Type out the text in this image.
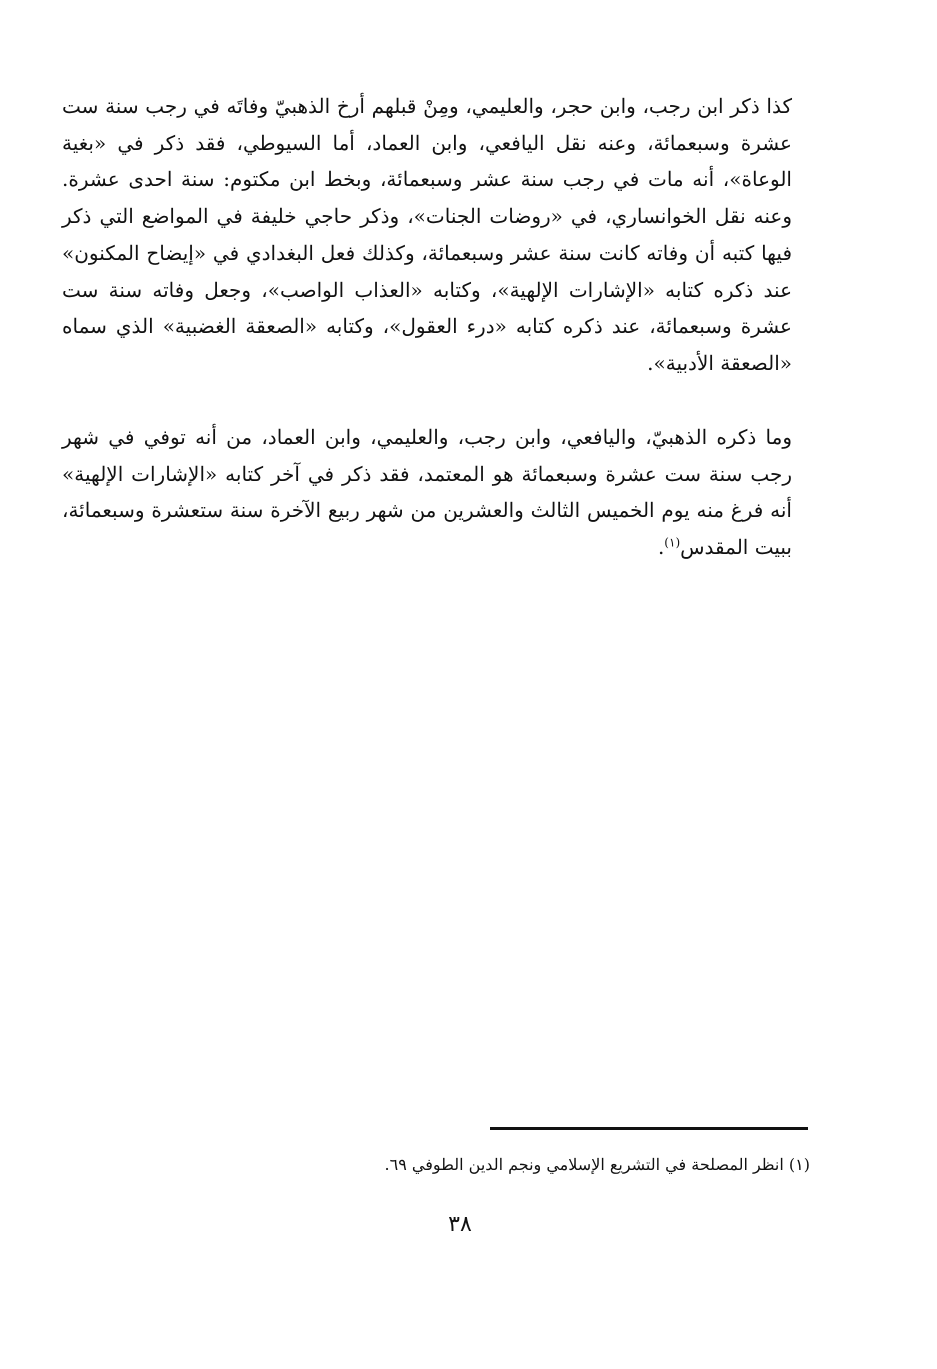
كذا ذكر ابن رجب، وابن حجر، والعليمي، ومِنْ قبلهم أرخ الذهبيّ وفاتَه في رجب سنة ست عشرة وسبعمائة، وعنه نقل اليافعي، وابن العماد، أما السيوطي، فقد ذكر في «بغية الوعاة»، أنه مات في رجب سنة عشر وسبعمائة، وبخط ابن مكتوم: سنة احدى عشرة. وعنه نقل الخوانساري، في «روضات الجنات»، وذكر حاجي خليفة في المواضع التي ذكر فيها كتبه أن وفاته كانت سنة عشر وسبعمائة، وكذلك فعل البغدادي في «إيضاح المكنون» عند ذكره كتابه «الإشارات الإلهية»، وكتابه «العذاب الواصب»، وجعل وفاته سنة ست عشرة وسبعمائة، عند ذكره كتابه «درء العقول»، وكتابه «الصعقة الغضبية» الذي سماه «الصعقة الأدبية».

وما ذكره الذهبيّ، واليافعي، وابن رجب، والعليمي، وابن العماد، من أنه توفي في شهر رجب سنة ست عشرة وسبعمائة هو المعتمد، فقد ذكر في آخر كتابه «الإشارات الإلهية» أنه فرغ منه يوم الخميس الثالث والعشرين من شهر ربيع الآخرة سنة ستعشرة وسبعمائة، ببيت المقدس$^{(١)}$.

(١) انظر المصلحة في التشريع الإسلامي ونجم الدين الطوفي ٦٩.

٣٨
